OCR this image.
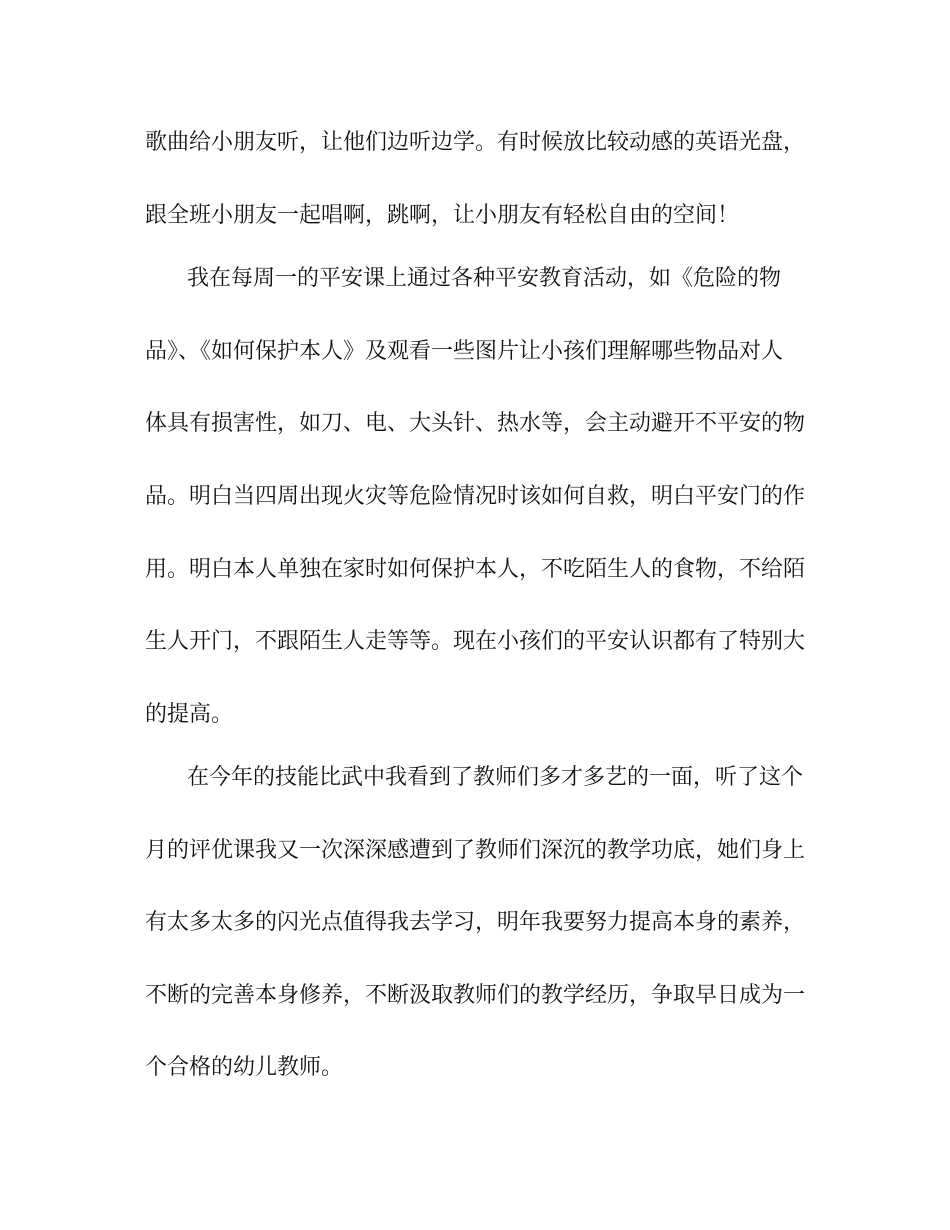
歌曲给小朋友听，让他们边听边学。有时候放比较动感的英语光盘，

跟全班小朋友一起唱啊，跳啊，让小朋友有轻松自由的空间！

我在每周一的平安课上通过各种平安教育活动，如《危险的物

品》、《如何保护本人》及观看一些图片让小孩们理解哪些物品对人

体具有损害性，如刀、电、大头针、热水等，会主动避开不平安的物

品。明白当四周出现火灾等危险情况时该如何自救，明白平安门的作

用。明白本人单独在家时如何保护本人，不吃陌生人的食物，不给陌

生人开门，不跟陌生人走等等。现在小孩们的平安认识都有了特别大

的提高。

在今年的技能比武中我看到了教师们多才多艺的一面，听了这个

月的评优课我又一次深深感遭到了教师们深沉的教学功底，她们身上

有太多太多的闪光点值得我去学习，明年我要努力提高本身的素养，

不断的完善本身修养，不断汲取教师们的教学经历，争取早日成为一

个合格的幼儿教师。
